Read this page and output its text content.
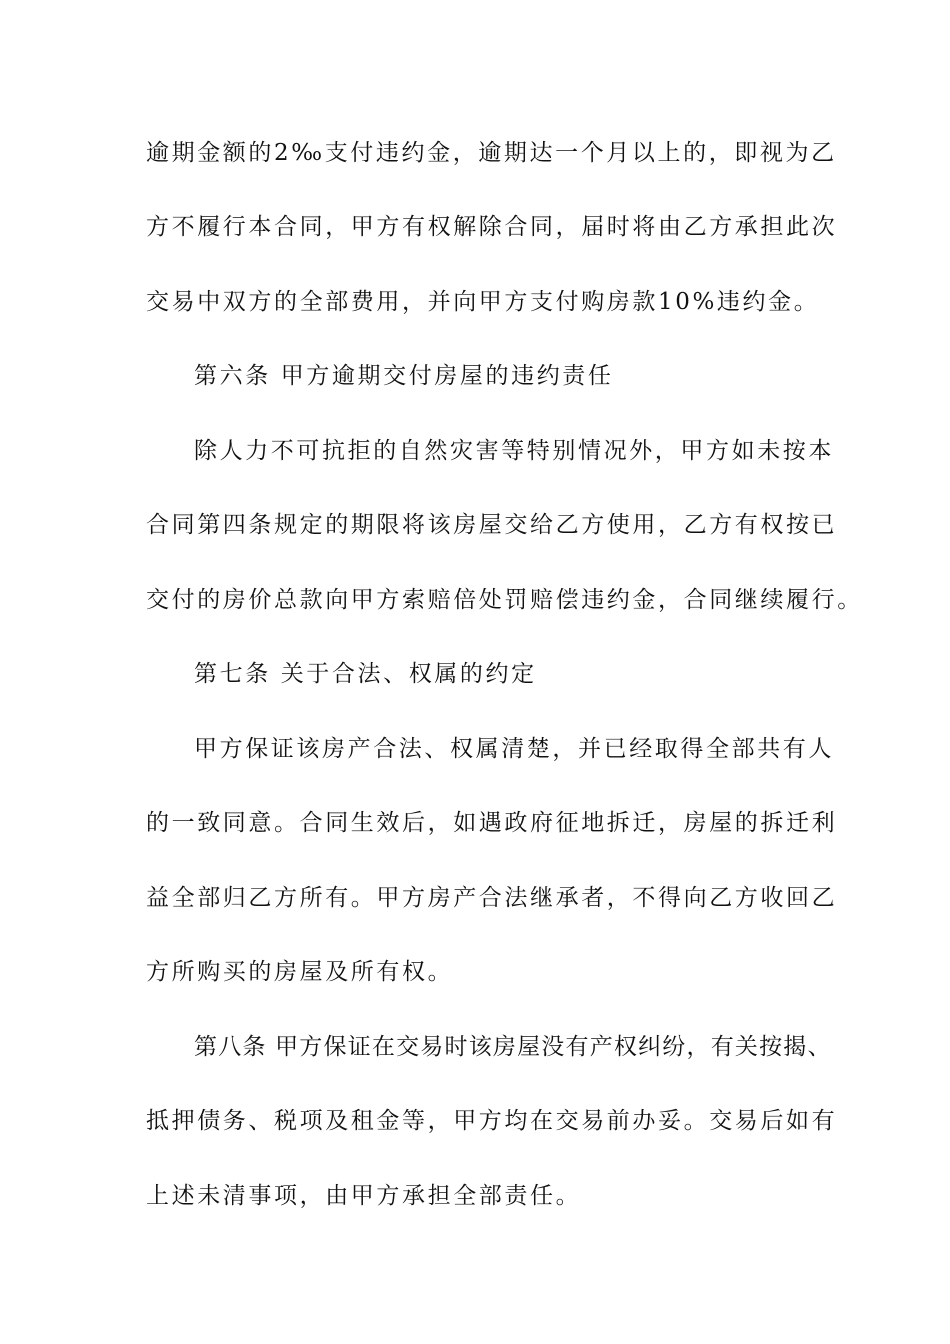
逾期金额的2‰支付违约金，逾期达一个月以上的，即视为乙
方不履行本合同，甲方有权解除合同，届时将由乙方承担此次
交易中双方的全部费用，并向甲方支付购房款10%违约金。
第六条 甲方逾期交付房屋的违约责任
除人力不可抗拒的自然灾害等特别情况外，甲方如未按本
合同第四条规定的期限将该房屋交给乙方使用，乙方有权按已
交付的房价总款向甲方索赔倍处罚赔偿违约金，合同继续履行。
第七条 关于合法、权属的约定
甲方保证该房产合法、权属清楚，并已经取得全部共有人
的一致同意。合同生效后，如遇政府征地拆迁，房屋的拆迁利
益全部归乙方所有。甲方房产合法继承者，不得向乙方收回乙
方所购买的房屋及所有权。
第八条 甲方保证在交易时该房屋没有产权纠纷，有关按揭、
抵押债务、税项及租金等，甲方均在交易前办妥。交易后如有
上述未清事项，由甲方承担全部责任。
